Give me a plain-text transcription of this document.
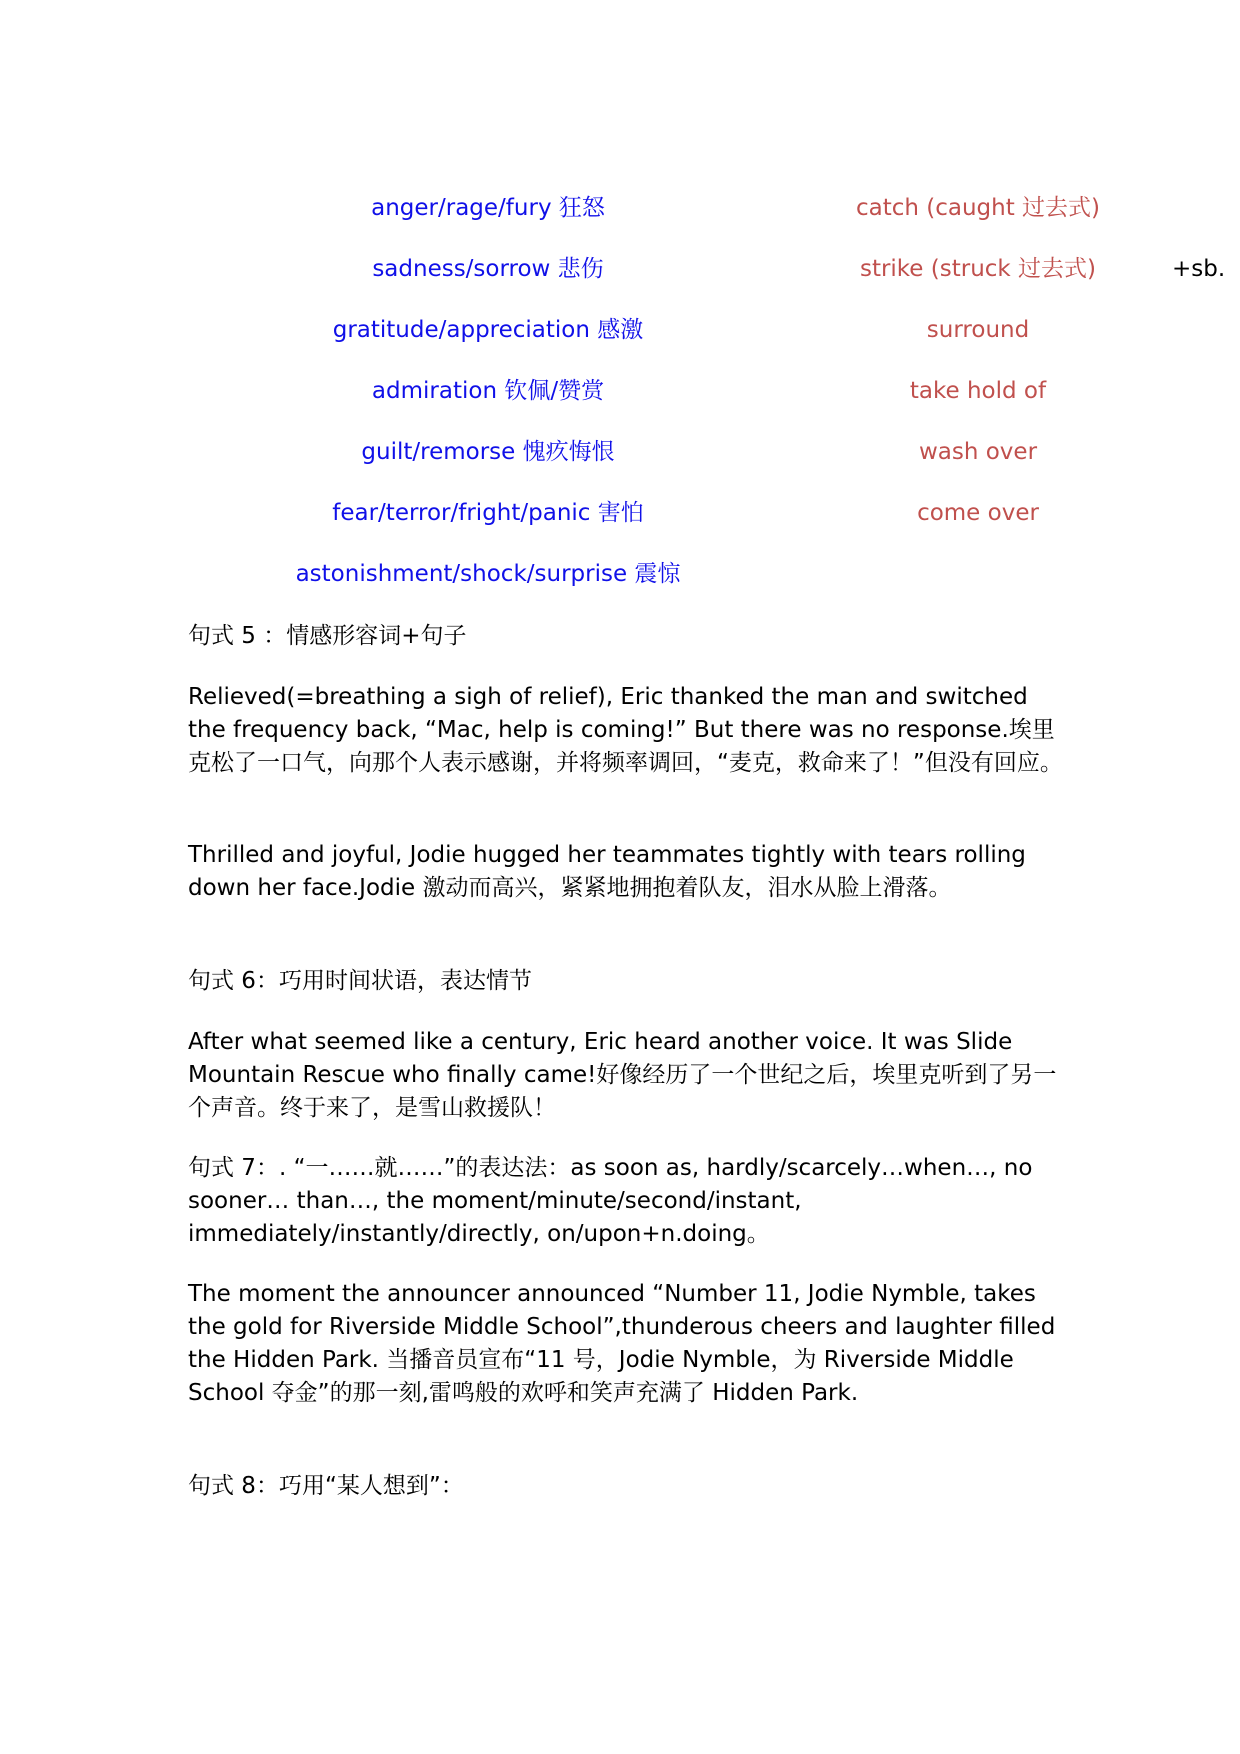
anger/rage/fury 狂怒	catch (caught 过去式)
sadness/sorrow 悲伤	strike (struck 过去式)	+sb.
gratitude/appreciation 感激	surround
admiration 钦佩/赞赏	take hold of
guilt/remorse 愧疚悔恨	wash over
fear/terror/fright/panic 害怕	come over
astonishment/shock/surprise 震惊

句式 5 ：情感形容词+句子

Relieved(=breathing a sigh of relief), Eric thanked the man and switched the frequency back, “Mac, help is coming!” But there was no response.埃里克松了一口气，向那个人表示感谢，并将频率调回，“麦克，救命来了！”但没有回应。

Thrilled and joyful, Jodie hugged her teammates tightly with tears rolling down her face.Jodie 激动而高兴，紧紧地拥抱着队友，泪水从脸上滑落。

句式 6：巧用时间状语，表达情节

After what seemed like a century, Eric heard another voice. It was Slide Mountain Rescue who finally came!好像经历了一个世纪之后，埃里克听到了另一个声音。终于来了，是雪山救援队！

句式 7：. “一……就……”的表达法：as soon as, hardly/scarcely…when…, no sooner… than…, the moment/minute/second/instant, immediately/instantly/directly, on/upon+n.doing。

The moment the announcer announced “Number 11, Jodie Nymble, takes the gold for Riverside Middle School”,thunderous cheers and laughter filled the Hidden Park. 当播音员宣布“11 号，Jodie Nymble，为 Riverside Middle School 夺金”的那一刻,雷鸣般的欢呼和笑声充满了 Hidden Park.

句式 8：巧用“某人想到”：
